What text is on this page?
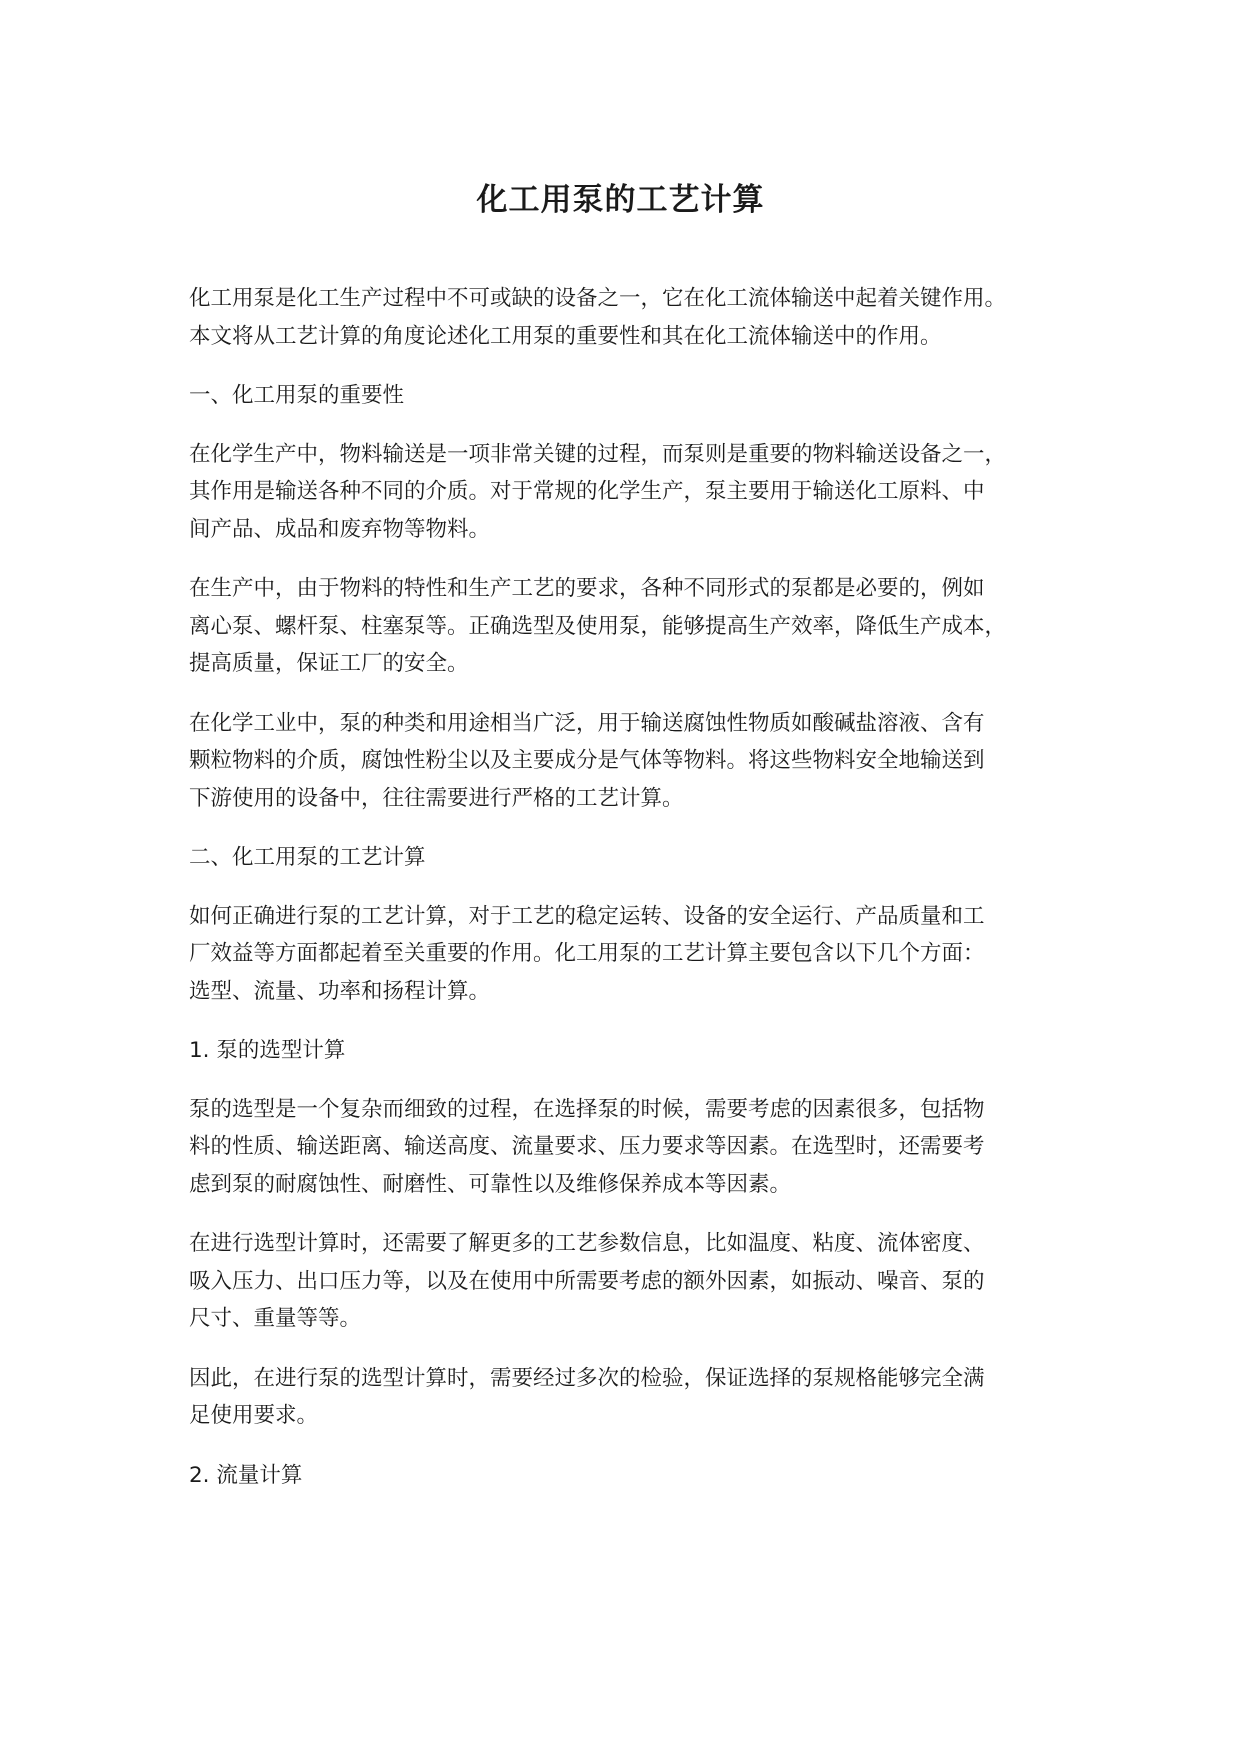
化工用泵的工艺计算

化工用泵是化工生产过程中不可或缺的设备之一，它在化工流体输送中起着关键作用。
本文将从工艺计算的角度论述化工用泵的重要性和其在化工流体输送中的作用。

一、化工用泵的重要性

在化学生产中，物料输送是一项非常关键的过程，而泵则是重要的物料输送设备之一，
其作用是输送各种不同的介质。对于常规的化学生产，泵主要用于输送化工原料、中
间产品、成品和废弃物等物料。

在生产中，由于物料的特性和生产工艺的要求，各种不同形式的泵都是必要的，例如
离心泵、螺杆泵、柱塞泵等。正确选型及使用泵，能够提高生产效率，降低生产成本，
提高质量，保证工厂的安全。

在化学工业中，泵的种类和用途相当广泛，用于输送腐蚀性物质如酸碱盐溶液、含有
颗粒物料的介质，腐蚀性粉尘以及主要成分是气体等物料。将这些物料安全地输送到
下游使用的设备中，往往需要进行严格的工艺计算。

二、化工用泵的工艺计算

如何正确进行泵的工艺计算，对于工艺的稳定运转、设备的安全运行、产品质量和工
厂效益等方面都起着至关重要的作用。化工用泵的工艺计算主要包含以下几个方面：
选型、流量、功率和扬程计算。

1. 泵的选型计算

泵的选型是一个复杂而细致的过程，在选择泵的时候，需要考虑的因素很多，包括物
料的性质、输送距离、输送高度、流量要求、压力要求等因素。在选型时，还需要考
虑到泵的耐腐蚀性、耐磨性、可靠性以及维修保养成本等因素。

在进行选型计算时，还需要了解更多的工艺参数信息，比如温度、粘度、流体密度、
吸入压力、出口压力等，以及在使用中所需要考虑的额外因素，如振动、噪音、泵的
尺寸、重量等等。

因此，在进行泵的选型计算时，需要经过多次的检验，保证选择的泵规格能够完全满
足使用要求。

2. 流量计算
